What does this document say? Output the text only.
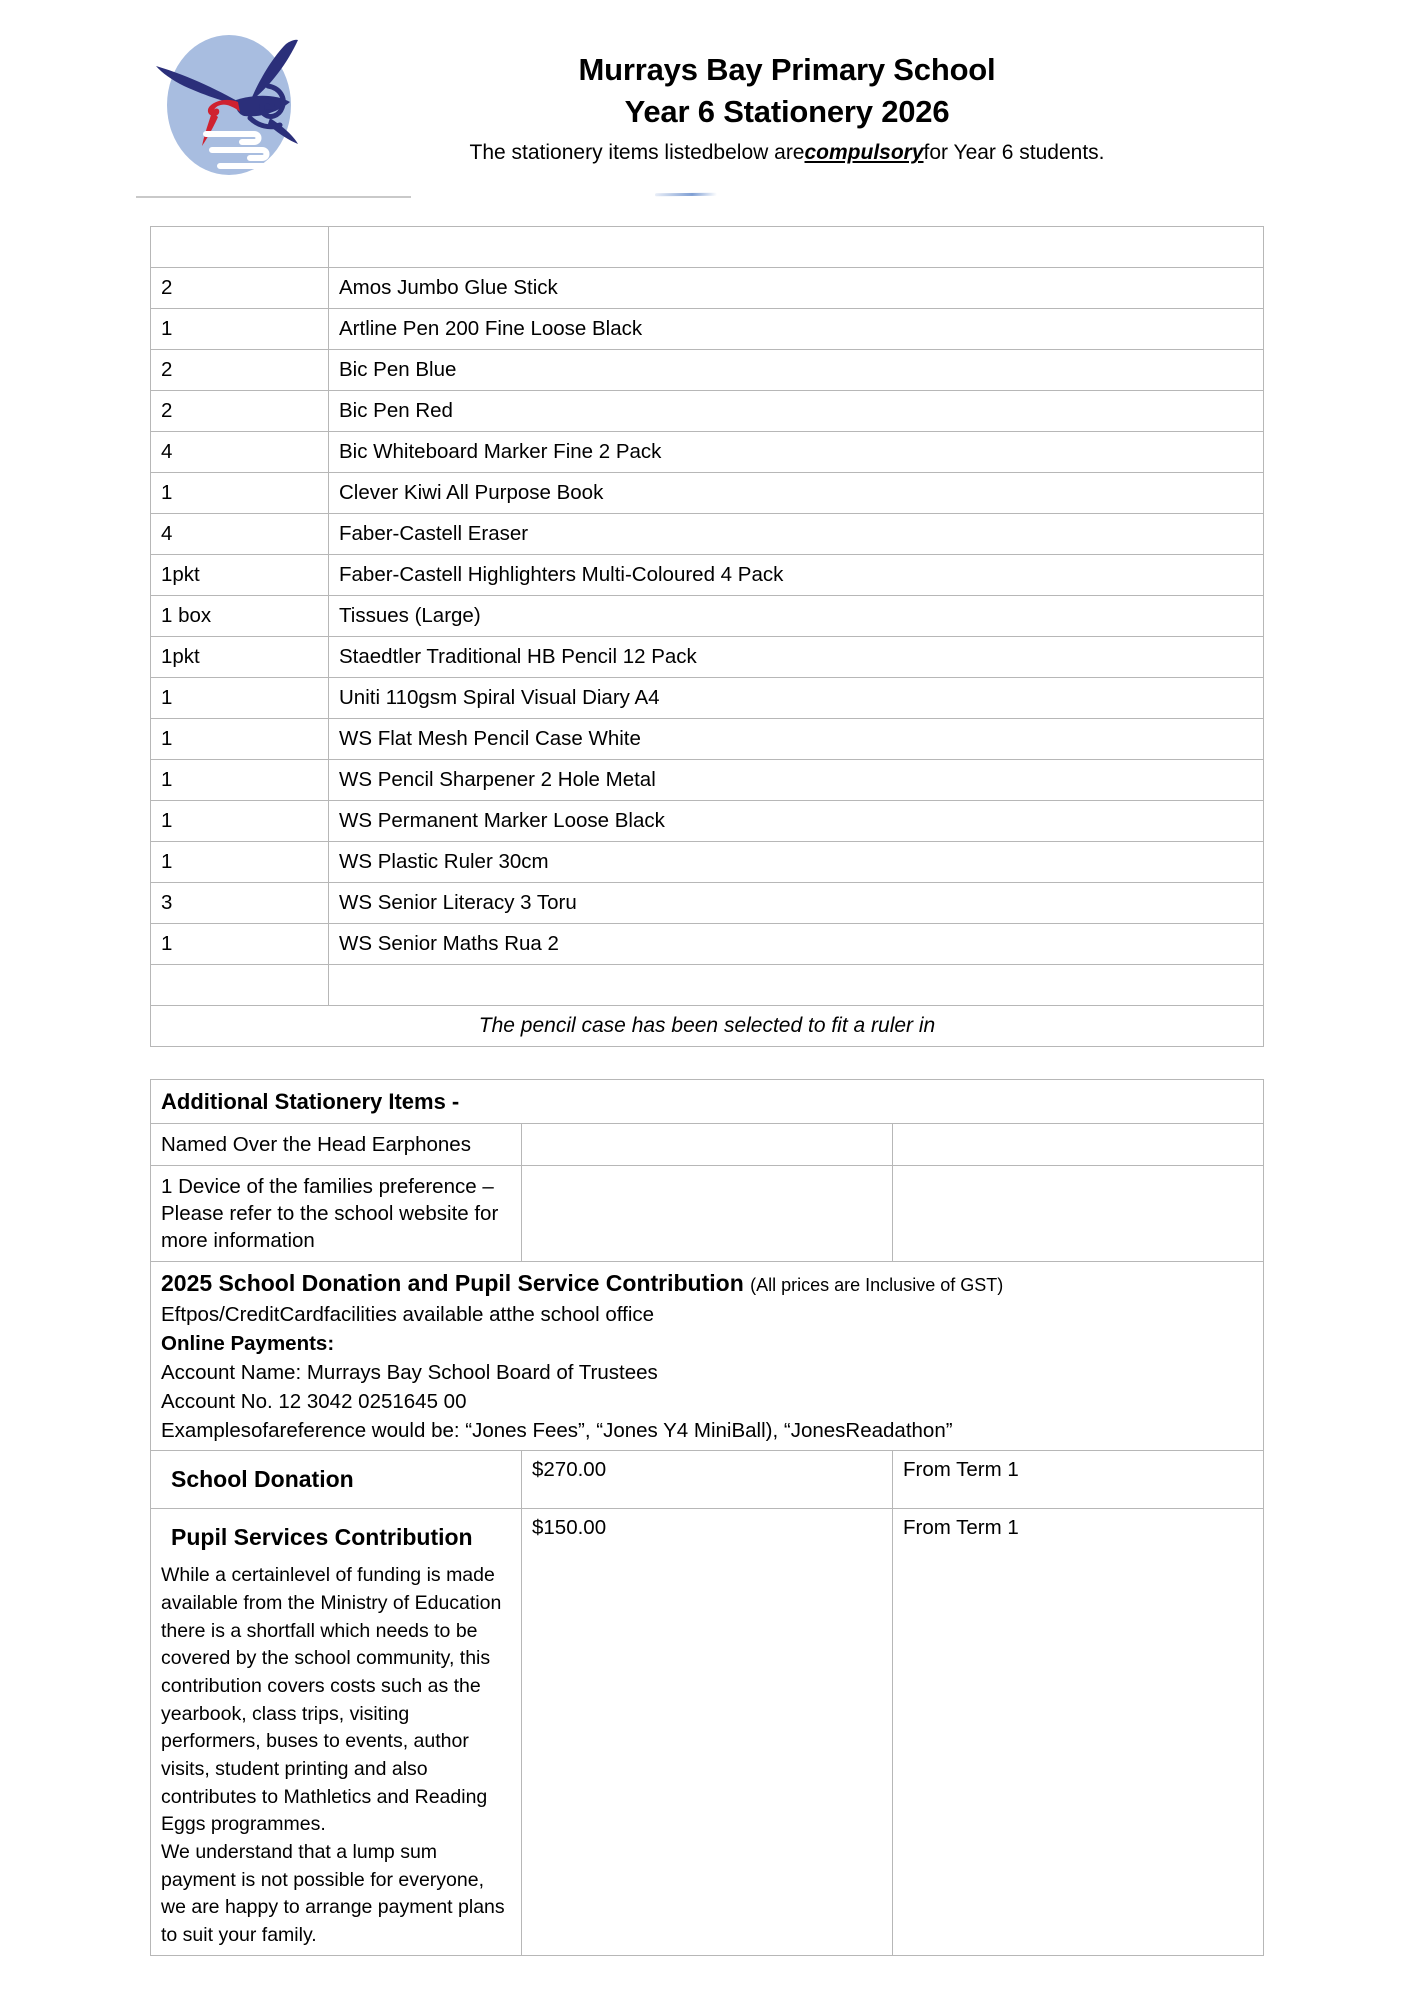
Murrays Bay Primary School
Year 6 Stationery 2026
The stationery items listedbelow arecompulsoryfor Year 6 students.

2	Amos Jumbo Glue Stick
1	Artline Pen 200 Fine Loose Black
2	Bic Pen Blue
2	Bic Pen Red
4	Bic Whiteboard Marker Fine 2 Pack
1	Clever Kiwi All Purpose Book
4	Faber-Castell Eraser
1pkt	Faber-Castell Highlighters Multi-Coloured 4 Pack
1 box	Tissues (Large)
1pkt	Staedtler Traditional HB Pencil 12 Pack
1	Uniti 110gsm Spiral Visual Diary A4
1	WS Flat Mesh Pencil Case White
1	WS Pencil Sharpener 2 Hole Metal
1	WS Permanent Marker Loose Black
1	WS Plastic Ruler 30cm
3	WS Senior Literacy 3 Toru
1	WS Senior Maths Rua 2

The pencil case has been selected to fit a ruler in	
Additional Stationery Items -		
Named Over the Head Earphones		
1 Device of the families preference – Please refer to the school website for more information		

2025 School Donation and Pupil Service Contribution (All prices are Inclusive of GST)
Eftpos/CreditCardfacilities available atthe school office
Online Payments:
Account Name: Murrays Bay School Board of Trustees
Account No. 12 3042 0251645 00
Examplesofareference would be: “Jones Fees”, “Jones Y4 MiniBall), “JonesReadathon”

School Donation	$270.00	From Term 1

Pupil Services Contribution

While a certainlevel of funding is made available from the Ministry of Education there is a shortfall which needs to be covered by the school community, this contribution covers costs such as the yearbook, class trips, visiting performers, buses to events, author visits, student printing and also contributes to Mathletics and Reading Eggs programmes.

We understand that a lump sum payment is not possible for everyone, we are happy to arrange payment plans to suit your family.	$150.00	From Term 1
